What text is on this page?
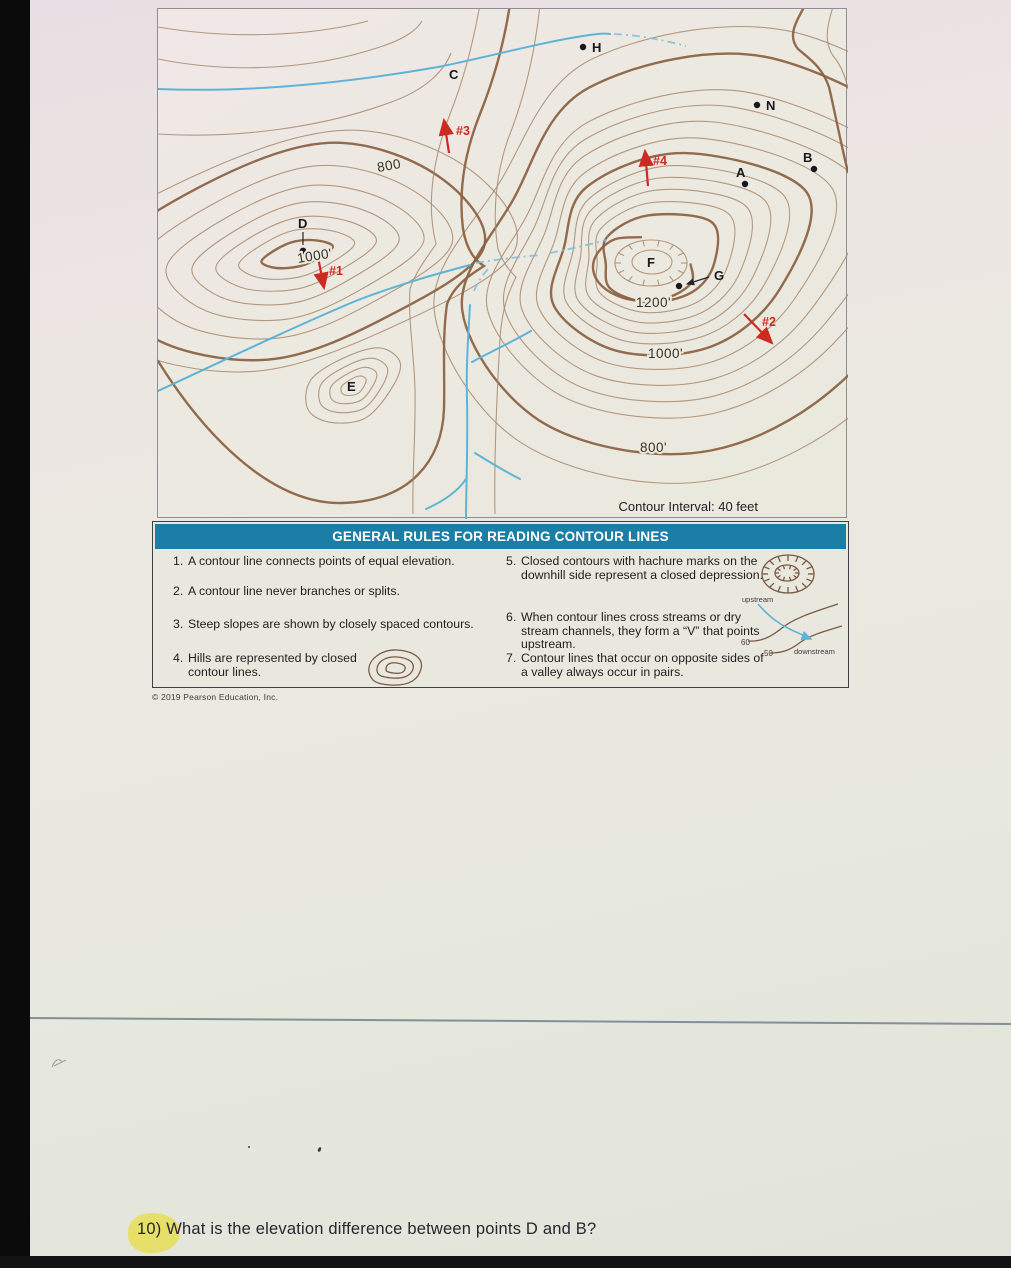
#1
#2
#3
#4
H
C
N
A
B
D
E
F
G
800
1000'
1200'
1000'
800'
Contour Interval: 40 feet
GENERAL RULES FOR READING CONTOUR LINES
1. A contour line connects points of equal elevation.
2. A contour line never branches or splits.
3. Steep slopes are shown by closely spaced contours.
4. Hills are represented by closed contour lines.
5. Closed contours with hachure marks on the downhill side represent a closed depression.
6. When contour lines cross streams or dry stream channels, they form a “V” that points upstream.
7. Contour lines that occur on opposite sides of a valley always occur in pairs.
upstream
60
50	downstream
© 2019 Pearson Education, Inc.
10) What is the elevation difference between points D and B?
